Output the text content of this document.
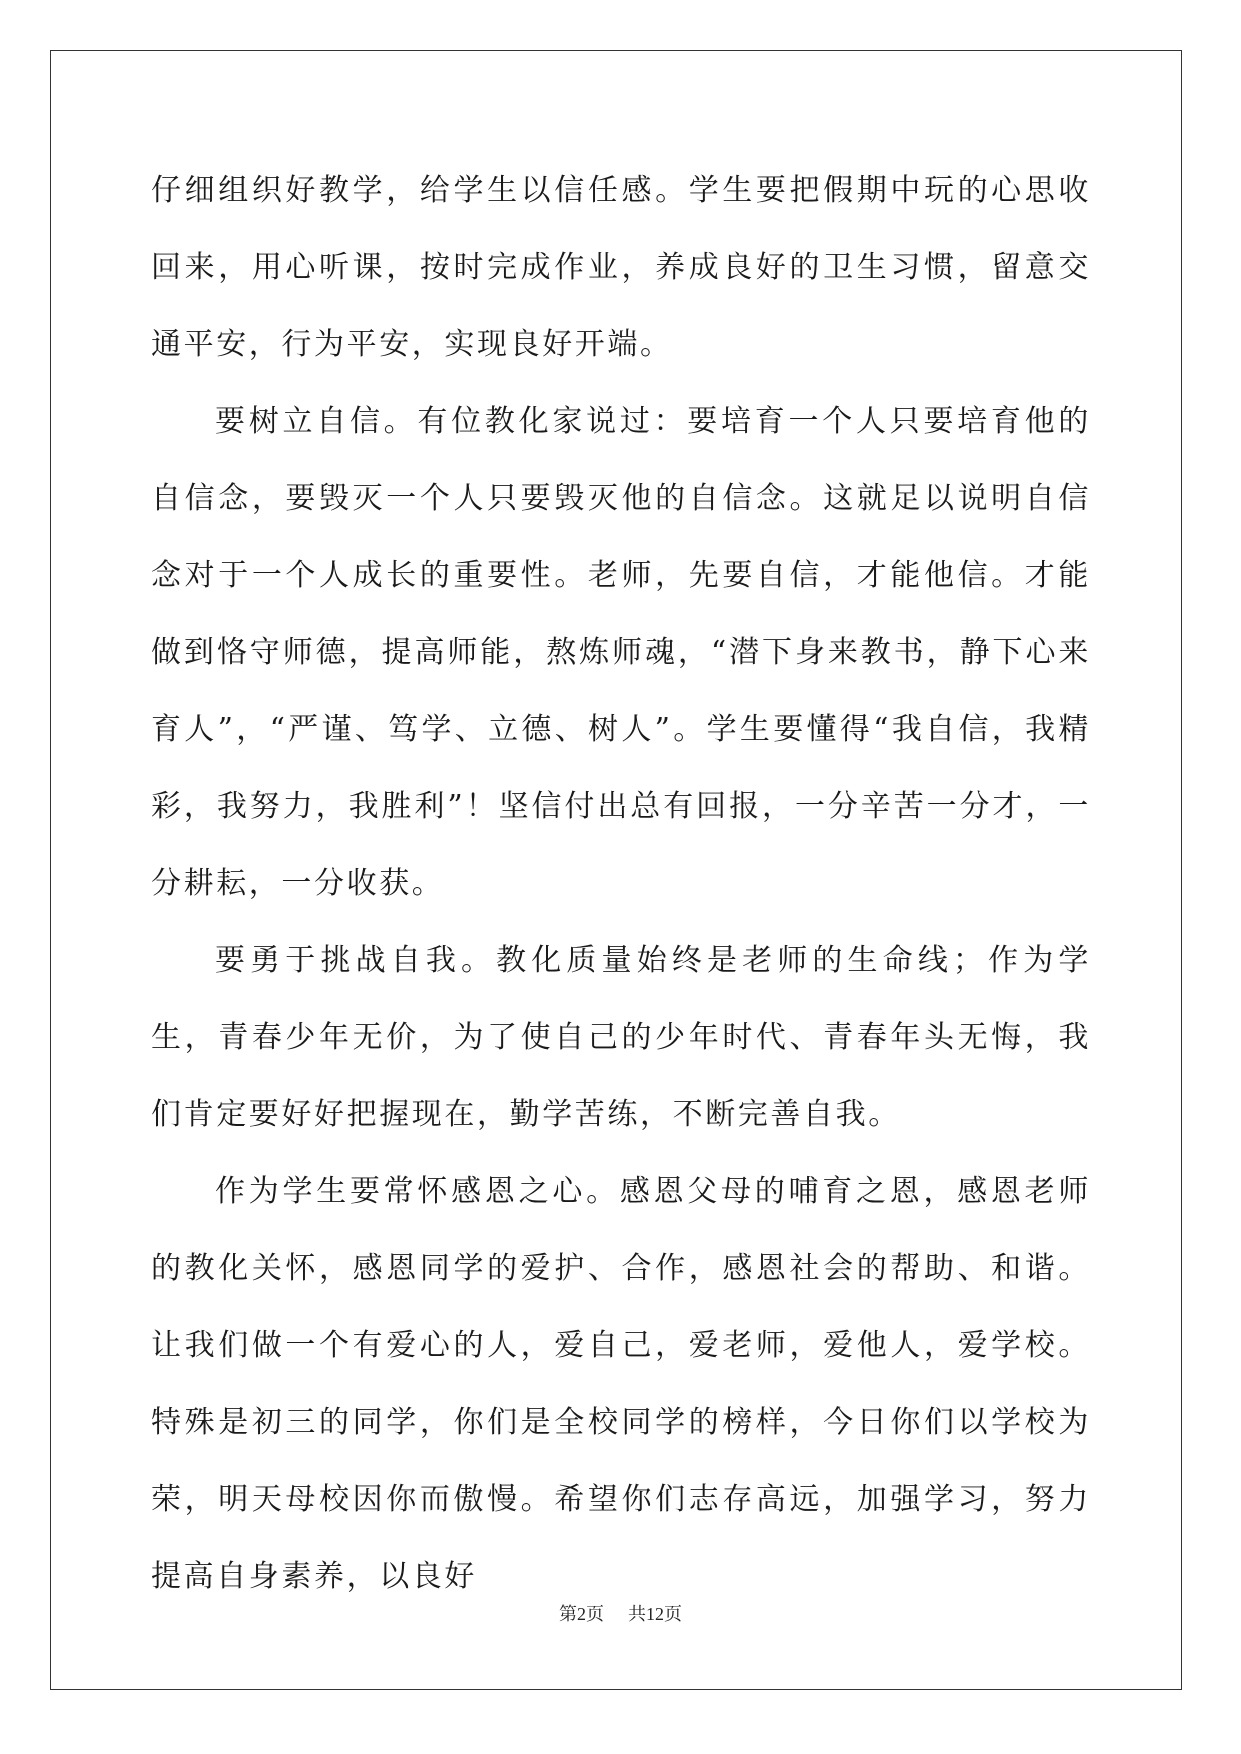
仔细组织好教学，给学生以信任感。学生要把假期中玩的心思收回来，用心听课，按时完成作业，养成良好的卫生习惯，留意交通平安，行为平安，实现良好开端。

要树立自信。有位教化家说过：要培育一个人只要培育他的自信念，要毁灭一个人只要毁灭他的自信念。这就足以说明自信念对于一个人成长的重要性。老师，先要自信，才能他信。才能做到恪守师德，提高师能，熬炼师魂，“潜下身来教书，静下心来育人”，“严谨、笃学、立德、树人”。学生要懂得“我自信，我精彩，我努力，我胜利”！坚信付出总有回报，一分辛苦一分才，一分耕耘，一分收获。

要勇于挑战自我。教化质量始终是老师的生命线；作为学生，青春少年无价，为了使自己的少年时代、青春年头无悔，我们肯定要好好把握现在，勤学苦练，不断完善自我。

作为学生要常怀感恩之心。感恩父母的哺育之恩，感恩老师的教化关怀，感恩同学的爱护、合作，感恩社会的帮助、和谐。让我们做一个有爱心的人，爱自己，爱老师，爱他人，爱学校。特殊是初三的同学，你们是全校同学的榜样，今日你们以学校为荣，明天母校因你而傲慢。希望你们志存高远，加强学习，努力提高自身素养，以良好

第2页 共12页
